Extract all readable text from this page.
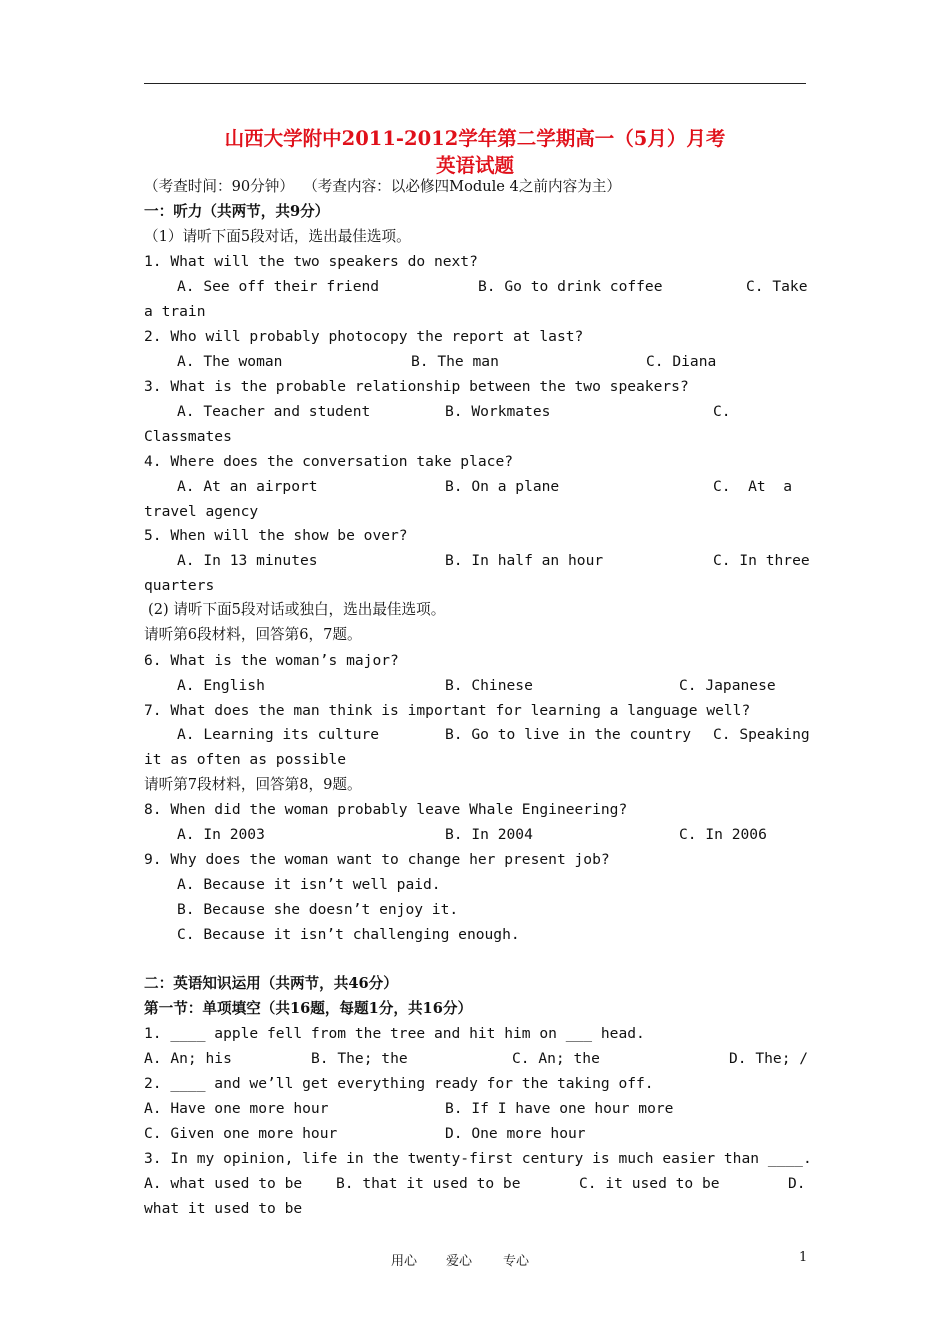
山西大学附中2011-2012学年第二学期高一（5月）月考
英语试题
（考查时间：90分钟）  （考查内容：以必修四Module 4之前内容为主）
一：听力（共两节，共9分）
（1）请听下面5段对话，选出最佳选项。
1. What will the two speakers do next?
A. See off their friend	B. Go to drink coffee	C. Take
a train
2. Who will probably photocopy the report at last?
A. The woman	B. The man	C. Diana
3. What is the probable relationship between the two speakers?
A. Teacher and student	B. Workmates	C.
Classmates
4. Where does the conversation take place?
A. At an airport	B. On a plane	C.  At  a
travel agency
5. When will the show be over?
A. In 13 minutes	B. In half an hour	C. In three
quarters
(2) 请听下面5段对话或独白，选出最佳选项。
请听第6段材料，回答第6，7题。
6. What is the woman’s major?
A. English	B. Chinese	C. Japanese
7. What does the man think is important for learning a language well?
A. Learning its culture	B. Go to live in the country C. Speaking
it as often as possible
请听第7段材料，回答第8，9题。
8. When did the woman probably leave Whale Engineering?
A. In 2003	B. In 2004	C. In 2006
9. Why does the woman want to change her present job?
A. Because it isn’t well paid.
B. Because she doesn’t enjoy it.
C. Because it isn’t challenging enough.
二：英语知识运用（共两节，共46分）
第一节：单项填空（共16题，每题1分，共16分）
1. ____ apple fell from the tree and hit him on ___ head.
A. An; his	B. The; the	C. An; the	D. The; /
2. ____ and we’ll get everything ready for the taking off.
A. Have one more hour	B. If I have one hour more
C. Given one more hour	D. One more hour
3. In my opinion, life in the twenty-first century is much easier than ____.
A. what used to be B. that it used to be	C. it used to be	D.
what it used to be
用心 爱心 专心	1
